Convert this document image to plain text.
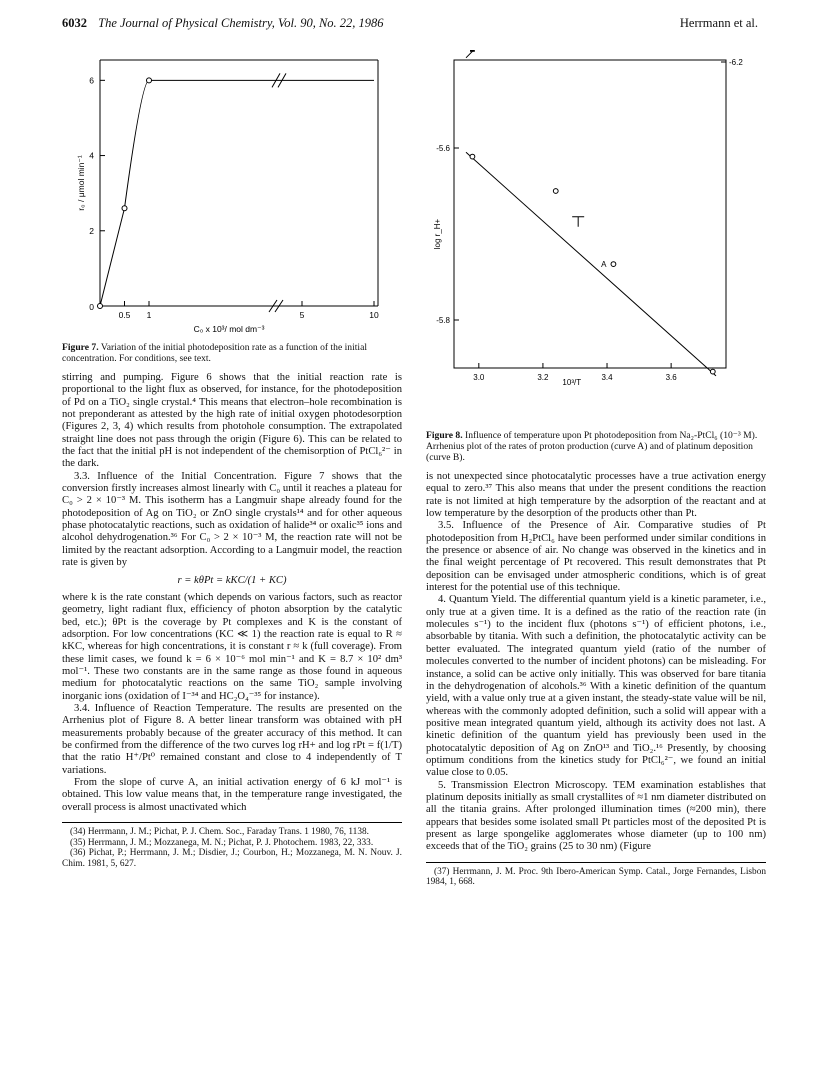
6032 The Journal of Physical Chemistry, Vol. 90, No. 22, 1986	Herrmann et al.
0.5 1	5	10
0
2
4
6
r₀ / μmol min⁻¹
C₀ x 10³/ mol dm⁻³
Figure 7. Variation of the initial photodeposition rate as a function of the initial concentration. For conditions, see text.

stirring and pumping. Figure 6 shows that the initial reaction rate is proportional to the light flux as observed, for instance, for the photodeposition of Pd on a TiO₂ single crystal.⁴ This means that electron–hole recombination is not preponderant as attested by the high rate of initial oxygen photodesorption (Figures 2, 3, 4) which results from photohole consumption. The extrapolated straight line does not pass through the origin (Figure 6). This can be related to the fact that the initial pH is not independent of the chemisorption of PtCl₆²⁻ in the dark.

3.3. Influence of the Initial Concentration. Figure 7 shows that the conversion firstly increases almost linearly with C₀ until it reaches a plateau for C₀ > 2 × 10⁻³ M. This isotherm has a Langmuir shape already found for the photodeposition of Ag on TiO₂ or ZnO single crystals¹⁴ and for other aqueous phase photocatalytic reactions, such as oxidation of halide³⁴ or oxalic³⁵ ions and alcohol dehydrogenation.³⁶ For C₀ > 2 × 10⁻³ M, the reaction rate will not be limited by the reactant adsorption. According to a Langmuir model, the reaction rate is given by

r = kθPt = kKC/(1 + KC)

where k is the rate constant (which depends on various factors, such as reactor geometry, light radiant flux, efficiency of photon absorption by the catalytic bed, etc.); θPt is the coverage by Pt complexes and K is the constant of adsorption. For low concentrations (KC ≪ 1) the reaction rate is equal to R ≈ kKC, whereas for high concentrations, it is constant r ≈ k (full coverage). From these limit cases, we found k = 6 × 10⁻⁶ mol min⁻¹ and K = 8.7 × 10² dm³ mol⁻¹. These two constants are in the same range as those found in aqueous medium for photocatalytic reactions on the same TiO₂ sample involving inorganic ions (oxidation of I⁻³⁴ and HC₂O₄⁻³⁵ for instance).

3.4. Influence of Reaction Temperature. The results are presented on the Arrhenius plot of Figure 8. A better linear transform was obtained with pH measurements probably because of the greater accuracy of this method. It can be confirmed from the difference of the two curves log rH+ and log rPt = f(1/T) that the ratio H⁺/Pt⁰ remained constant and close to 4 independently of T variations.

From the slope of curve A, an initial activation energy of 6 kJ mol⁻¹ is obtained. This low value means that, in the temperature range investigated, the overall process is almost unactivated which

(34) Herrmann, J. M.; Pichat, P. J. Chem. Soc., Faraday Trans. 1 1980, 76, 1138.
(35) Herrmann, J. M.; Mozzanega, M. N.; Pichat, P. J. Photochem. 1983, 22, 333.
(36) Pichat, P.; Herrmann, J. M.; Disdier, J.; Courbon, H.; Mozzanega, M. N. Nouv. J. Chim. 1981, 5, 627.
3.0	3.2	3.4	3.6
10³/T
-5.6
-5.8
-6.2
log r_H+
A
Figure 8. Influence of temperature upon Pt photodeposition from Na₂-PtCl₆ (10⁻³ M). Arrhenius plot of the rates of proton production (curve A) and of platinum deposition (curve B).

is not unexpected since photocatalytic processes have a true activation energy equal to zero.³⁷ This also means that under the present conditions the reaction rate is not limited at high temperature by the adsorption of the reactant and at low temperature by the desorption of the products other than Pt.

3.5. Influence of the Presence of Air. Comparative studies of Pt photodeposition from H₂PtCl₆ have been performed under similar conditions in the presence or absence of air. No change was observed in the kinetics and in the final weight percentage of Pt recovered. This result demonstrates that Pt deposition can be envisaged under atmospheric conditions, which is of great interest for the potential use of this technique.

4. Quantum Yield. The differential quantum yield is a kinetic parameter, i.e., only true at a given time. It is a defined as the ratio of the reaction rate (in molecules s⁻¹) to the incident flux (photons s⁻¹) of efficient photons, i.e., absorbable by titania. With such a definition, the photocatalytic activity can be better evaluated. The integrated quantum yield (ratio of the number of molecules converted to the number of incident photons) can be misleading. For instance, a solid can be active only initially. This was observed for bare titania in the dehydrogenation of alcohols.³⁶ With a kinetic definition of the quantum yield, with a value only true at a given instant, the steady-state value will be nil, whereas with the commonly adopted definition, such a solid will appear with a positive mean integrated quantum yield, although its activity does not last. A kinetic definition of the quantum yield has previously been used in the photocatalytic deposition of Ag on ZnO¹³ and TiO₂.¹⁶ Presently, by choosing optimum conditions from the kinetics study for PtCl₆²⁻, we found an initial value close to 0.05.

5. Transmission Electron Microscopy. TEM examination establishes that platinum deposits initially as small crystallites of ≈1 nm diameter distributed on all the titania grains. After prolonged illumination times (≈200 min), there appears that besides some isolated small Pt particles most of the deposited Pt is present as large spongelike agglomerates whose diameter (up to 100 nm) exceeds that of the TiO₂ grains (25 to 30 nm) (Figure

(37) Herrmann, J. M. Proc. 9th Ibero-American Symp. Catal., Jorge Fernandes, Lisbon 1984, 1, 668.
